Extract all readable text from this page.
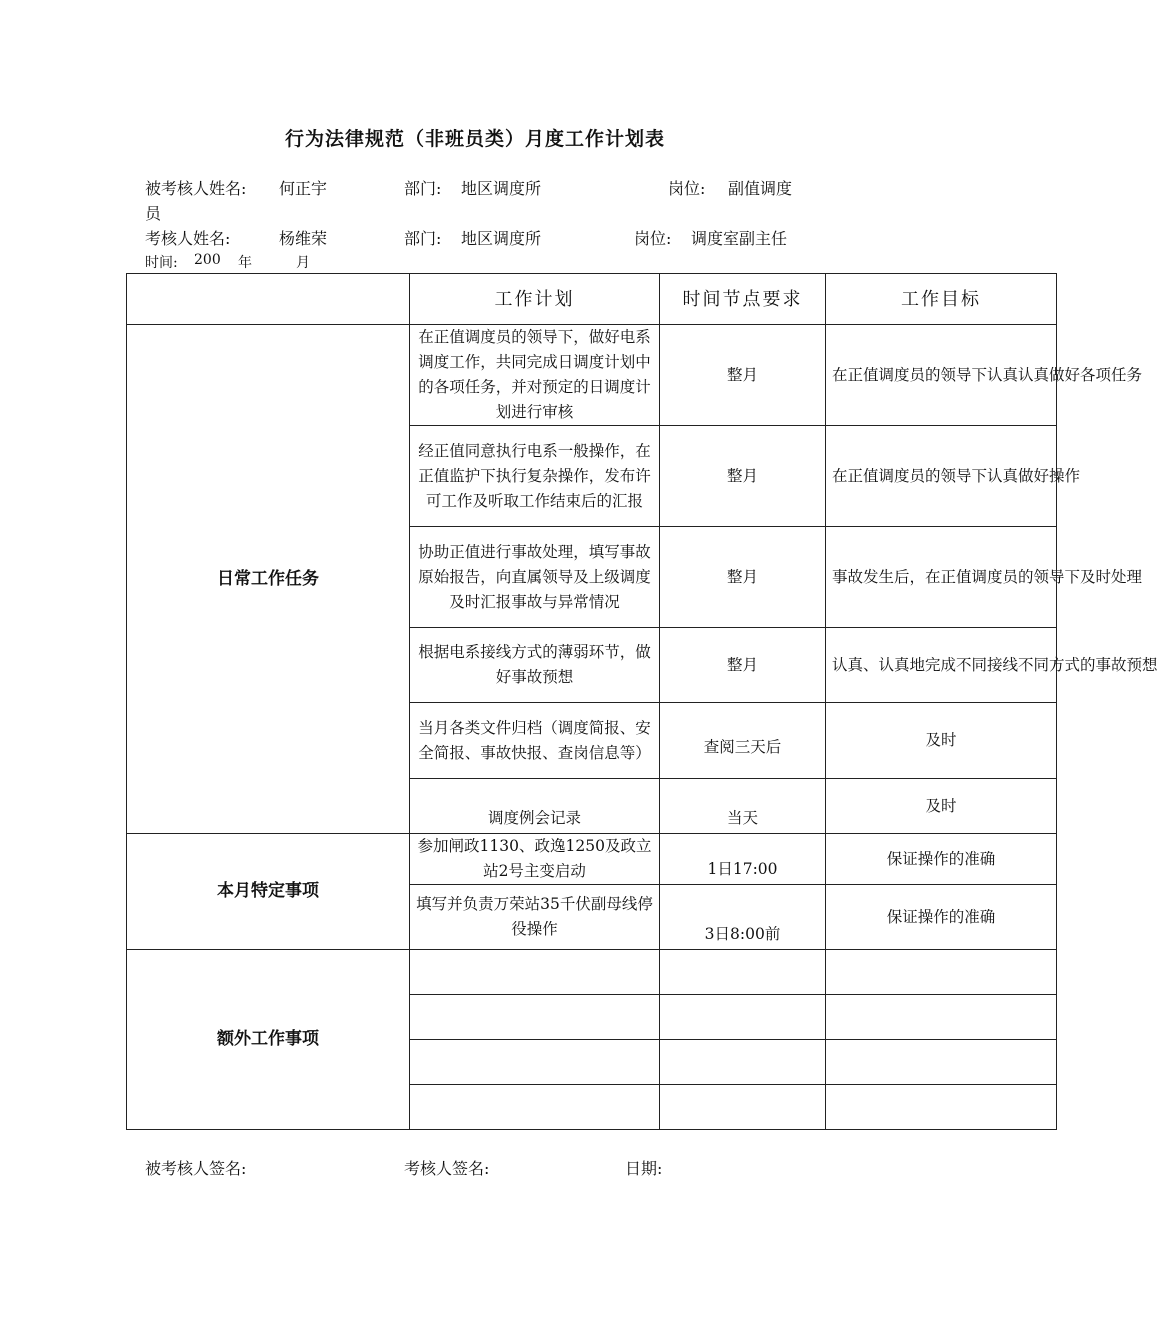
行为法律规范（非班员类）月度工作计划表
被考核人姓名: 何正宇	部门: 地区调度所	岗位: 副值调度
员
考核人姓名:	杨维荣	部门: 地区调度所	岗位: 调度室副主任
时间: 200 年	月
	工作计划	时间节点要求	工作目标
日常工作任务	在正值调度员的领导下，做好电系调度工作，共同完成日调度计划中的各项任务，并对预定的日调度计划进行审核	整月	在正值调度员的领导下认真认真做好各项任务
	经正值同意执行电系一般操作，在正值监护下执行复杂操作，发布许可工作及听取工作结束后的汇报	整月	在正值调度员的领导下认真做好操作
	协助正值进行事故处理，填写事故原始报告，向直属领导及上级调度及时汇报事故与异常情况	整月	事故发生后，在正值调度员的领导下及时处理
	根据电系接线方式的薄弱环节，做好事故预想	整月	认真、认真地完成不同接线不同方式的事故预想
	当月各类文件归档（调度简报、安全简报、事故快报、查岗信息等）	查阅三天后	及时
	调度例会记录	当天	及时
本月特定事项	参加闸政1130、政逸1250及政立站2号主变启动	1日17:00	保证操作的准确
	填写并负责万荣站35千伏副母线停役操作	3日8:00前	保证操作的准确
额外工作事项			

被考核人签名:	考核人签名:	日期:
